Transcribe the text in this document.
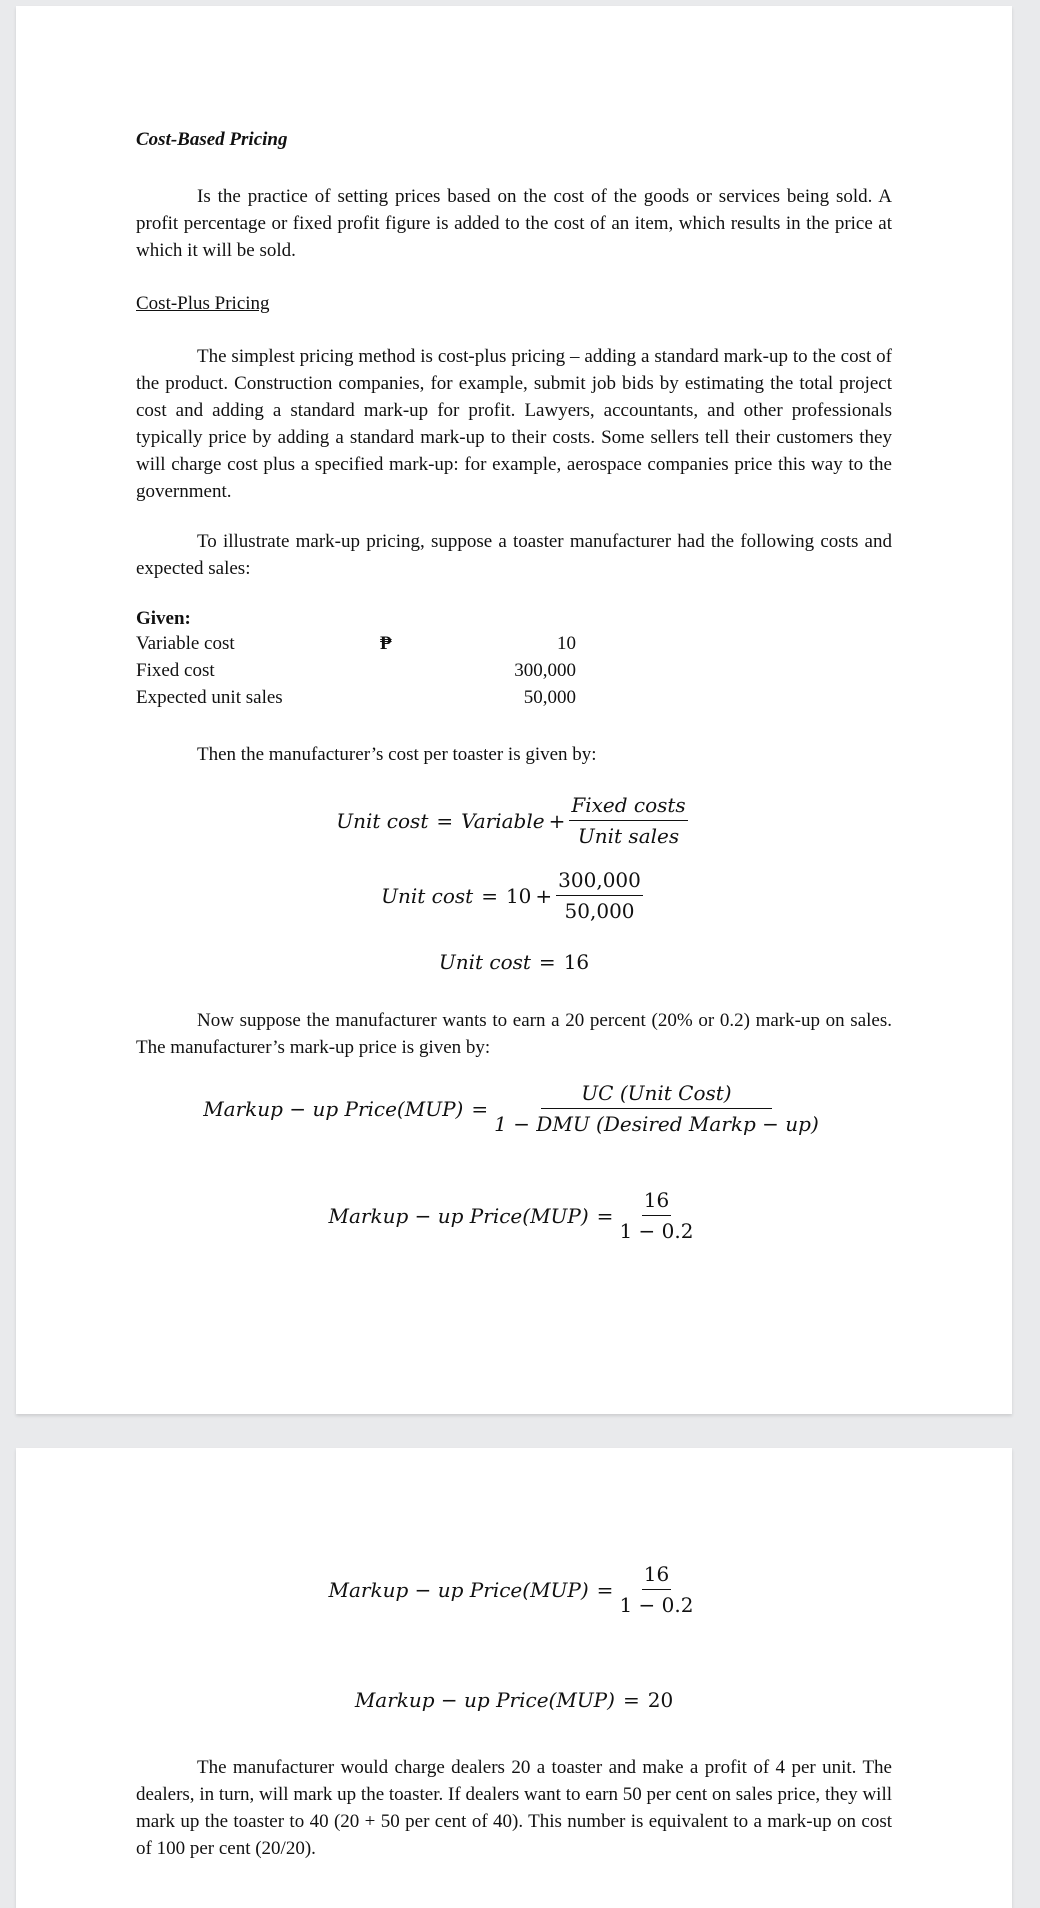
Cost-Based Pricing

Is the practice of setting prices based on the cost of the goods or services being sold. A profit percentage or fixed profit figure is added to the cost of an item, which results in the price at which it will be sold.

Cost-Plus Pricing

The simplest pricing method is cost-plus pricing – adding a standard mark-up to the cost of the product. Construction companies, for example, submit job bids by estimating the total project cost and adding a standard mark-up for profit. Lawyers, accountants, and other professionals typically price by adding a standard mark-up to their costs. Some sellers tell their customers they will charge cost plus a specified mark-up: for example, aerospace companies price this way to the government.

To illustrate mark-up pricing, suppose a toaster manufacturer had the following costs and expected sales:

Given:
Variable cost	₱	10
Fixed cost	300,000
Expected unit sales	50,000

Then the manufacturer’s cost per toaster is given by:

Unit cost = Variable + $\frac{\text{Fixed costs}}{\text{Unit sales}}$
Unit $\cos t = 10 + \frac{300,000}{50,000}$
Unit cost = 16

Now suppose the manufacturer wants to earn a 20 percent (20% or 0.2) mark-up on sales. The manufacturer’s mark-up price is given by:

Markup − up Price(MUP) = $\frac{\text{UC (Unit Cost)}}{\text{1 − DMU (Desired Markp − up)}}$
Markup − up Price(MUP) = $\frac{16}{1 - 0.2}$
Markup − up Price(MUP) = $\frac{16}{1 - 0.2}$
Markup − up Price(MUP) = 20

The manufacturer would charge dealers 20 a toaster and make a profit of 4 per unit. The dealers, in turn, will mark up the toaster. If dealers want to earn 50 per cent on sales price, they will mark up the toaster to 40 (20 + 50 per cent of 40). This number is equivalent to a mark-up on cost of 100 per cent (20/20).
